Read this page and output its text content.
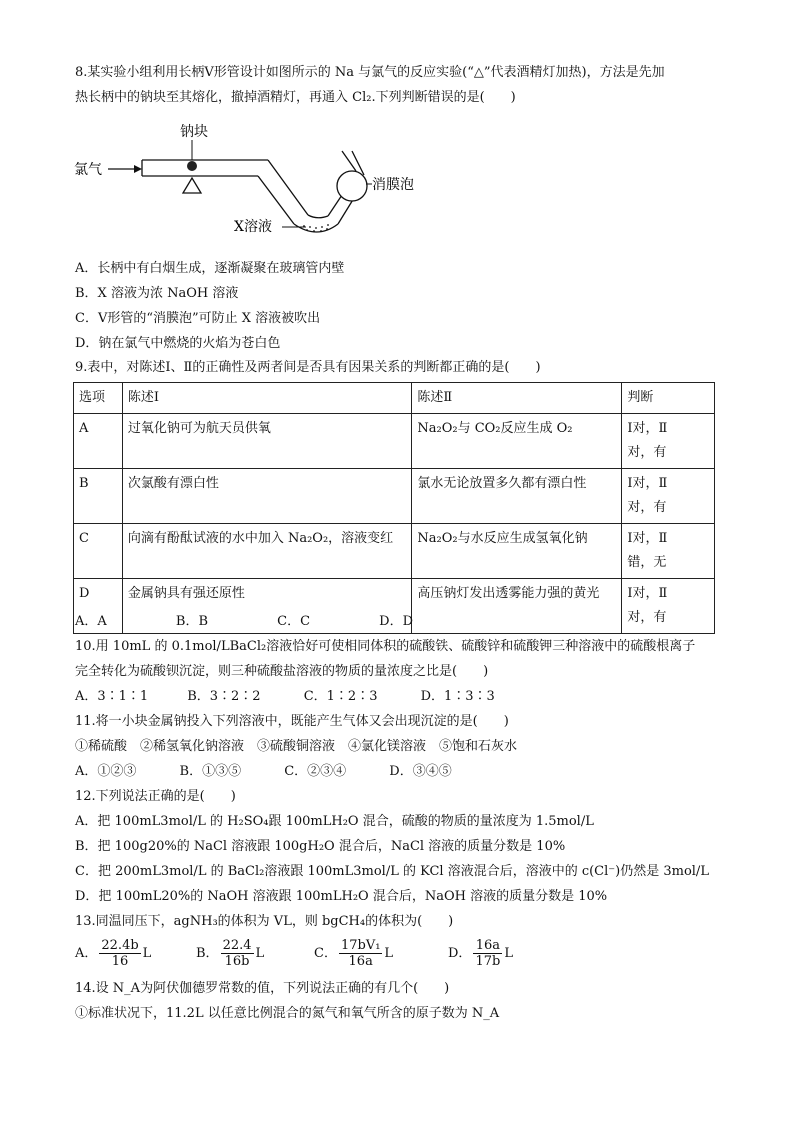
8.某实验小组利用长柄Ⅴ形管设计如图所示的 Na 与氯气的反应实验(“△”代表酒精灯加热)，方法是先加
热长柄中的钠块至其熔化，撤掉酒精灯，再通入 Cl₂.下列判断错误的是(　　)
钠块
氯气
消膜泡
X溶液
A．长柄中有白烟生成，逐渐凝聚在玻璃管内壁
B．X 溶液为浓 NaOH 溶液
C．Ⅴ形管的“消膜泡”可防止 X 溶液被吹出
D．钠在氯气中燃烧的火焰为苍白色
9.表中，对陈述Ⅰ、Ⅱ的正确性及两者间是否具有因果关系的判断都正确的是(　　)
选项	陈述Ⅰ	陈述Ⅱ	判断
A	过氧化钠可为航天员供氧	Na₂O₂与 CO₂反应生成 O₂	Ⅰ对，Ⅱ
对，有
B	次氯酸有漂白性	氯水无论放置多久都有漂白性	Ⅰ对，Ⅱ
对，有
C	向滴有酚酞试液的水中加入 Na₂O₂，溶液变红	Na₂O₂与水反应生成氢氧化钠	Ⅰ对，Ⅱ
错，无
D	金属钠具有强还原性	高压钠灯发出透雾能力强的黄光	Ⅰ对，Ⅱ
对，有
A．A　　　　　 B．B　　　　　 C．C　　　　　 D．D
10.用 10mL 的 0.1mol/LBaCl₂溶液恰好可使相同体积的硫酸铁、硫酸锌和硫酸钾三种溶液中的硫酸根离子
完全转化为硫酸钡沉淀，则三种硫酸盐溶液的物质的量浓度之比是(　　)
A．3∶1∶1　　　B．3∶2∶2　　　 C．1∶2∶3　　　 D．1∶3∶3
11.将一小块金属钠投入下列溶液中，既能产生气体又会出现沉淀的是(　　)
①稀硫酸　②稀氢氧化钠溶液　③硫酸铜溶液　④氯化镁溶液　⑤饱和石灰水
A．①②③　　　 B．①③⑤　　　 C．②③④　　　 D．③④⑤
12.下列说法正确的是(　　)
A．把 100mL3mol/L 的 H₂SO₄跟 100mLH₂O 混合，硫酸的物质的量浓度为 1.5mol/L
B．把 100g20%的 NaCl 溶液跟 100gH₂O 混合后，NaCl 溶液的质量分数是 10%
C．把 200mL3mol/L 的 BaCl₂溶液跟 100mL3mol/L 的 KCl 溶液混合后，溶液中的 c(Cl⁻)仍然是 3mol/L
D．把 100mL20%的 NaOH 溶液跟 100mLH₂O 混合后，NaOH 溶液的质量分数是 10%
13.同温同压下，agNH₃的体积为 VL，则 bgCH₄的体积为(　　)
A． $\frac{22.4b}{16}$ L	B． $\frac{22.4}{16b}$ L	C． $\frac{\text{17bV₁}}{16a}$ L	D． $\frac{16a}{17b}$ L
14.设 N_A为阿伏伽德罗常数的值，下列说法正确的有几个(　　)
①标准状况下，11.2L 以任意比例混合的氮气和氧气所含的原子数为 N_A
